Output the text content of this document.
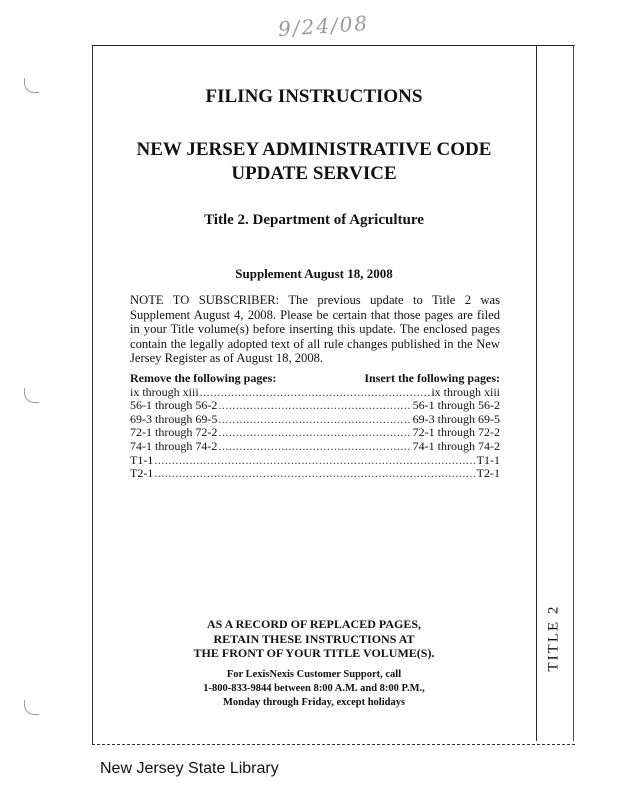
9/24/08
TITLE 2
FILING INSTRUCTIONS
NEW JERSEY ADMINISTRATIVE CODE
UPDATE SERVICE
Title 2. Department of Agriculture
Supplement August 18, 2008
NOTE TO SUBSCRIBER: The previous update to Title 2 was Supplement August 4, 2008. Please be certain that those pages are filed in your Title volume(s) before inserting this update. The enclosed pages contain the legally adopted text of all rule changes published in the New Jersey Register as of August 18, 2008.
Remove the following pages:	Insert the following pages:
ix through xiii .....	ix through xiii
56-1 through 56-2 .....	56-1 through 56-2
69-3 through 69-5 .....	69-3 through 69-5
72-1 through 72-2 .....	72-1 through 72-2
74-1 through 74-2 .....	74-1 through 74-2
T1-1 .....	T1-1
T2-1 .....	T2-1
AS A RECORD OF REPLACED PAGES,
RETAIN THESE INSTRUCTIONS AT
THE FRONT OF YOUR TITLE VOLUME(S).
For LexisNexis Customer Support, call
1-800-833-9844 between 8:00 A.M. and 8:00 P.M.,
Monday through Friday, except holidays
New Jersey State Library
